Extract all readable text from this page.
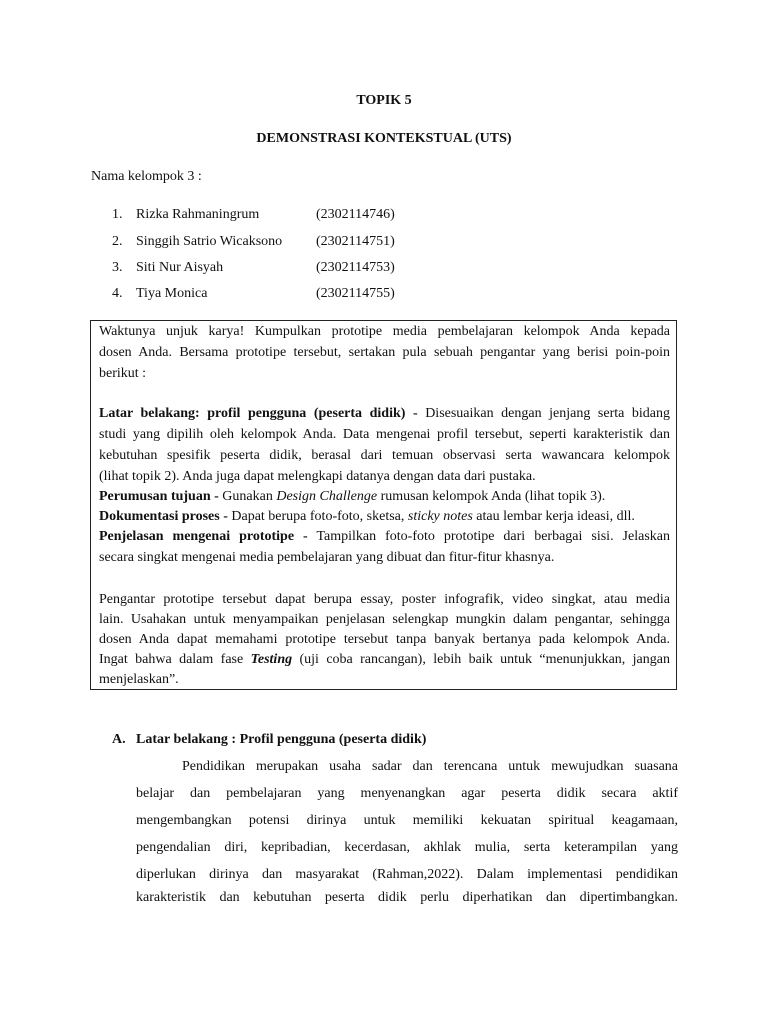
TOPIK 5
DEMONSTRASI KONTEKSTUAL (UTS)
Nama kelompok 3 :
1. Rizka Rahmaningrum	(2302114746)
2. Singgih Satrio Wicaksono (2302114751)
3. Siti Nur Aisyah	(2302114753)
4. Tiya Monica	(2302114755)
Waktunya unjuk karya! Kumpulkan prototipe media pembelajaran kelompok Anda kepada
dosen Anda. Bersama prototipe tersebut, sertakan pula sebuah pengantar yang berisi poin-poin
berikut :
Latar belakang: profil pengguna (peserta didik) - Disesuaikan dengan jenjang serta bidang
studi yang dipilih oleh kelompok Anda. Data mengenai profil tersebut, seperti karakteristik dan
kebutuhan spesifik peserta didik, berasal dari temuan observasi serta wawancara kelompok
(lihat topik 2). Anda juga dapat melengkapi datanya dengan data dari pustaka.
Perumusan tujuan - Gunakan Design Challenge rumusan kelompok Anda (lihat topik 3).
Dokumentasi proses - Dapat berupa foto-foto, sketsa, sticky notes atau lembar kerja ideasi, dll.
Penjelasan mengenai prototipe - Tampilkan foto-foto prototipe dari berbagai sisi. Jelaskan
secara singkat mengenai media pembelajaran yang dibuat dan fitur-fitur khasnya.
Pengantar prototipe tersebut dapat berupa essay, poster infografik, video singkat, atau media
lain. Usahakan untuk menyampaikan penjelasan selengkap mungkin dalam pengantar, sehingga
dosen Anda dapat memahami prototipe tersebut tanpa banyak bertanya pada kelompok Anda.
Ingat bahwa dalam fase Testing (uji coba rancangan), lebih baik untuk “menunjukkan, jangan
menjelaskan”.
A. Latar belakang : Profil pengguna (peserta didik)
Pendidikan merupakan usaha sadar dan terencana untuk mewujudkan suasana
belajar dan pembelajaran yang menyenangkan agar peserta didik secara aktif
mengembangkan potensi dirinya untuk memiliki kekuatan spiritual keagamaan,
pengendalian diri, kepribadian, kecerdasan, akhlak mulia, serta keterampilan yang
diperlukan dirinya dan masyarakat (Rahman,2022). Dalam implementasi pendidikan
karakteristik dan kebutuhan peserta didik perlu diperhatikan dan dipertimbangkan.
